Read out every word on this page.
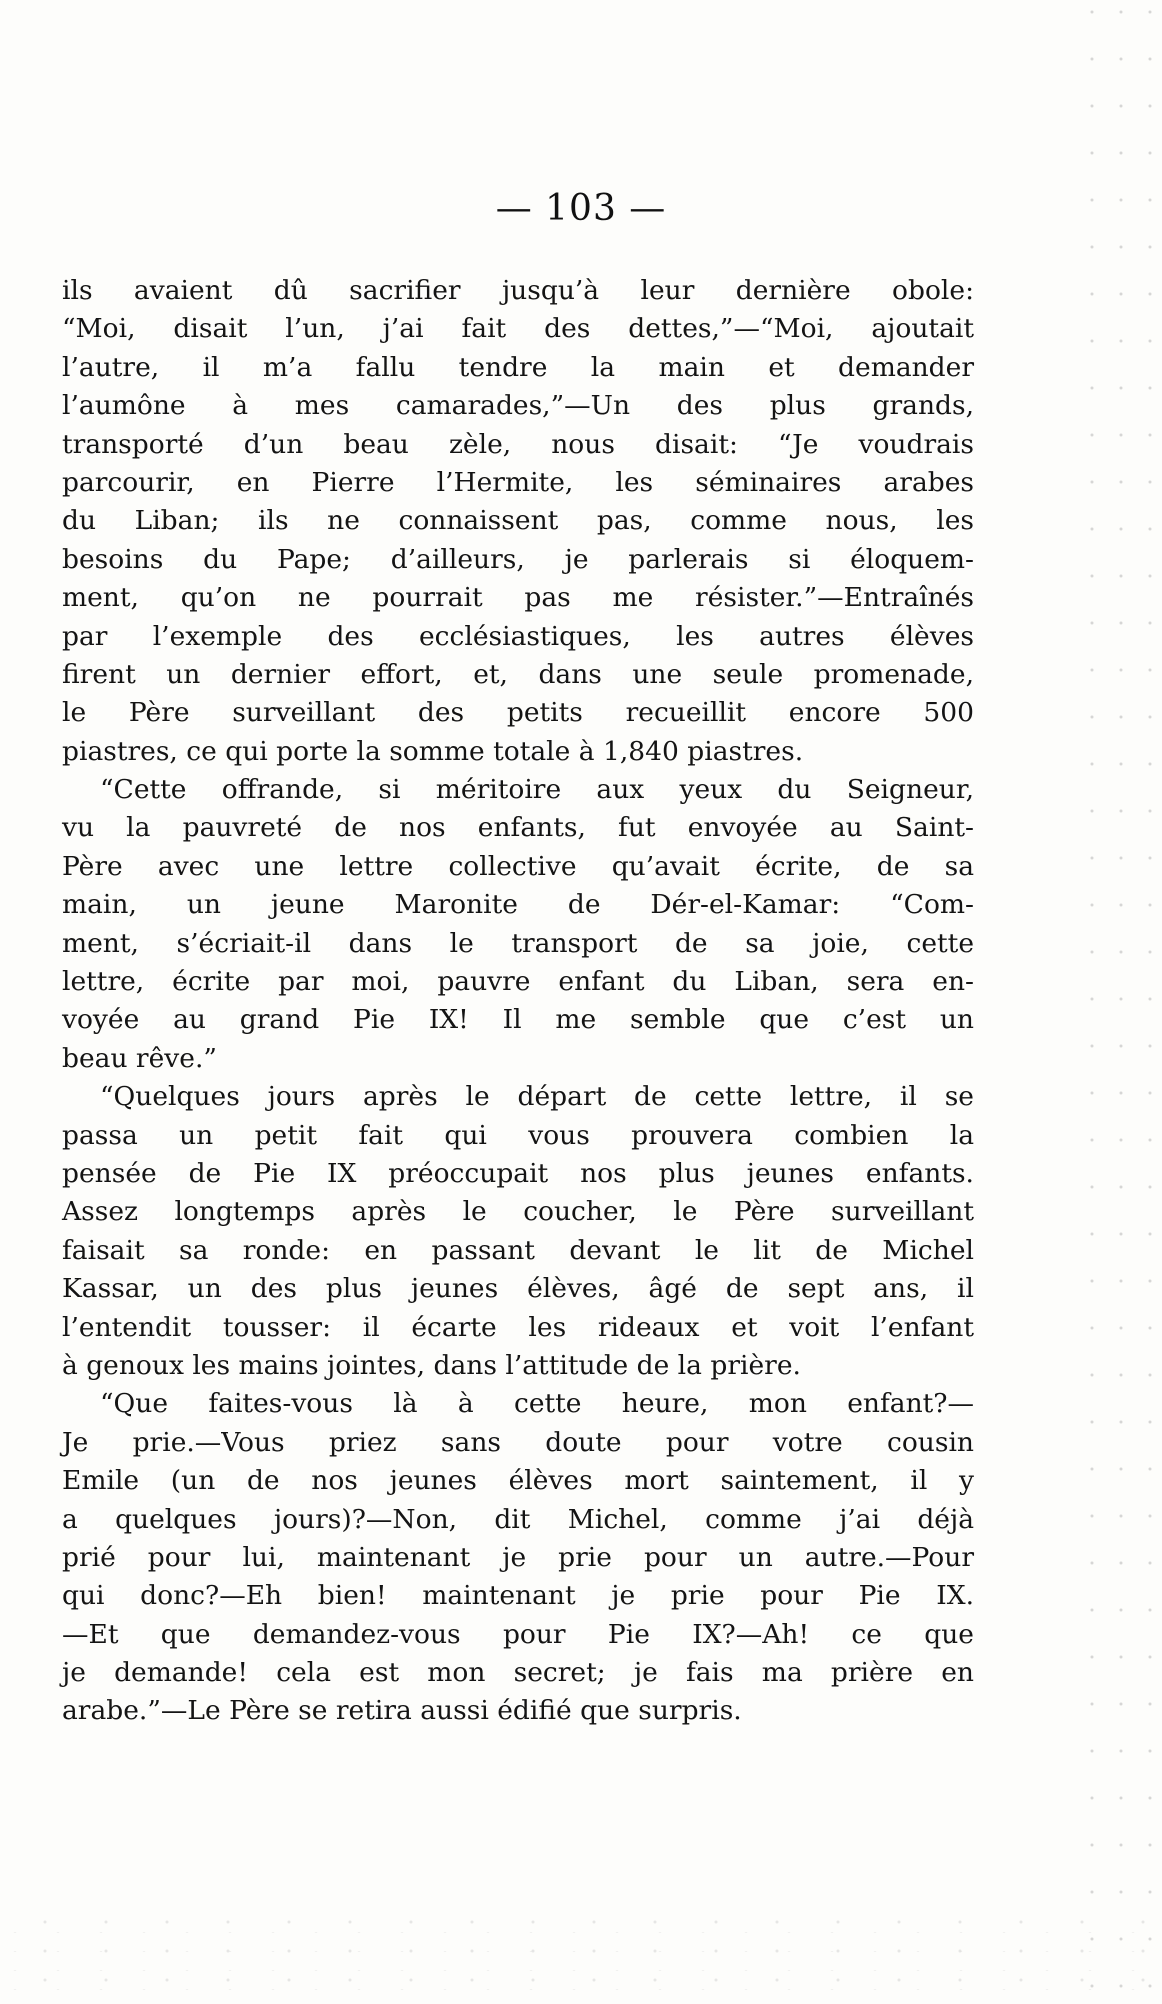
— 103 —
ils avaient dû sacrifier jusqu’à leur dernière obole:
“Moi, disait l’un, j’ai fait des dettes,”—“Moi, ajoutait
l’autre, il m’a fallu tendre la main et demander
l’aumône à mes camarades,”—Un des plus grands,
transporté d’un beau zèle, nous disait: “Je voudrais
parcourir, en Pierre l’Hermite, les séminaires arabes
du Liban; ils ne connaissent pas, comme nous, les
besoins du Pape; d’ailleurs, je parlerais si éloquem-
ment, qu’on ne pourrait pas me résister.”—Entraînés
par l’exemple des ecclésiastiques, les autres élèves
firent un dernier effort, et, dans une seule promenade,
le Père surveillant des petits recueillit encore 500
piastres, ce qui porte la somme totale à 1,840 piastres.
“Cette offrande, si méritoire aux yeux du Seigneur,
vu la pauvreté de nos enfants, fut envoyée au Saint-
Père avec une lettre collective qu’avait écrite, de sa
main, un jeune Maronite de Dér-el-Kamar: “Com-
ment, s’écriait-il dans le transport de sa joie, cette
lettre, écrite par moi, pauvre enfant du Liban, sera en-
voyée au grand Pie IX! Il me semble que c’est un
beau rêve.”
“Quelques jours après le départ de cette lettre, il se
passa un petit fait qui vous prouvera combien la
pensée de Pie IX préoccupait nos plus jeunes enfants.
Assez longtemps après le coucher, le Père surveillant
faisait sa ronde: en passant devant le lit de Michel
Kassar, un des plus jeunes élèves, âgé de sept ans, il
l’entendit tousser: il écarte les rideaux et voit l’enfant
à genoux les mains jointes, dans l’attitude de la prière.
“Que faites-vous là à cette heure, mon enfant?—
Je prie.—Vous priez sans doute pour votre cousin
Emile (un de nos jeunes élèves mort saintement, il y
a quelques jours)?—Non, dit Michel, comme j’ai déjà
prié pour lui, maintenant je prie pour un autre.—Pour
qui donc?—Eh bien! maintenant je prie pour Pie IX.
—Et que demandez-vous pour Pie IX?—Ah! ce que
je demande! cela est mon secret; je fais ma prière en
arabe.”—Le Père se retira aussi édifié que surpris.
